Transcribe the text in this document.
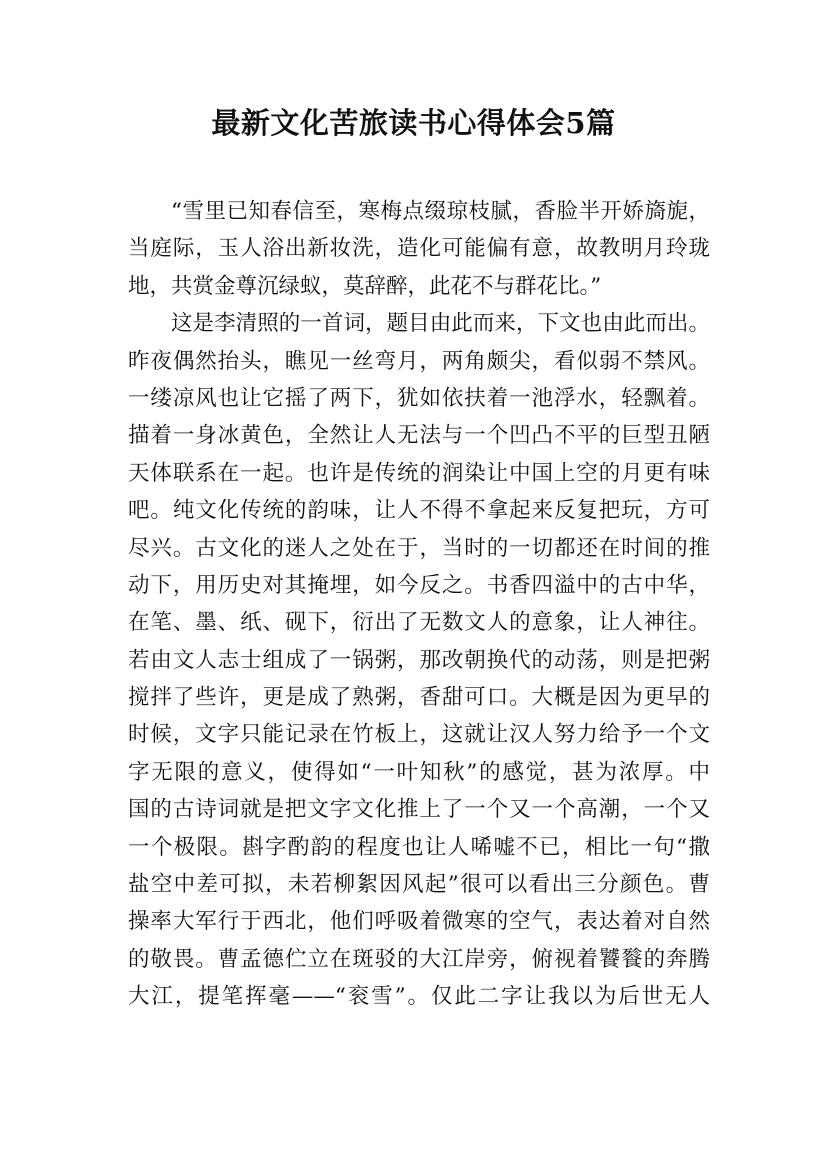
最新文化苦旅读书心得体会5篇
“雪里已知春信至，寒梅点缀琼枝腻，香脸半开娇旖旎，
当庭际，玉人浴出新妆洗，造化可能偏有意，故教明月玲珑
地，共赏金尊沉绿蚁，莫辞醉，此花不与群花比。”
这是李清照的一首词，题目由此而来，下文也由此而出。
昨夜偶然抬头，瞧见一丝弯月，两角颇尖，看似弱不禁风。
一缕凉风也让它摇了两下，犹如依扶着一池浮水，轻飘着。
描着一身冰黄色，全然让人无法与一个凹凸不平的巨型丑陋
天体联系在一起。也许是传统的润染让中国上空的月更有味
吧。纯文化传统的韵味，让人不得不拿起来反复把玩，方可
尽兴。古文化的迷人之处在于，当时的一切都还在时间的推
动下，用历史对其掩埋，如今反之。书香四溢中的古中华，
在笔、墨、纸、砚下，衍出了无数文人的意象，让人神往。
若由文人志士组成了一锅粥，那改朝换代的动荡，则是把粥
搅拌了些许，更是成了熟粥，香甜可口。大概是因为更早的
时候，文字只能记录在竹板上，这就让汉人努力给予一个文
字无限的意义，使得如“一叶知秋”的感觉，甚为浓厚。中
国的古诗词就是把文字文化推上了一个又一个高潮，一个又
一个极限。斟字酌韵的程度也让人唏嘘不已，相比一句“撒
盐空中差可拟，未若柳絮因风起”很可以看出三分颜色。曹
操率大军行于西北，他们呼吸着微寒的空气，表达着对自然
的敬畏。曹孟德伫立在斑驳的大江岸旁，俯视着饕餮的奔腾
大江，提笔挥毫——“衮雪”。仅此二字让我以为后世无人
